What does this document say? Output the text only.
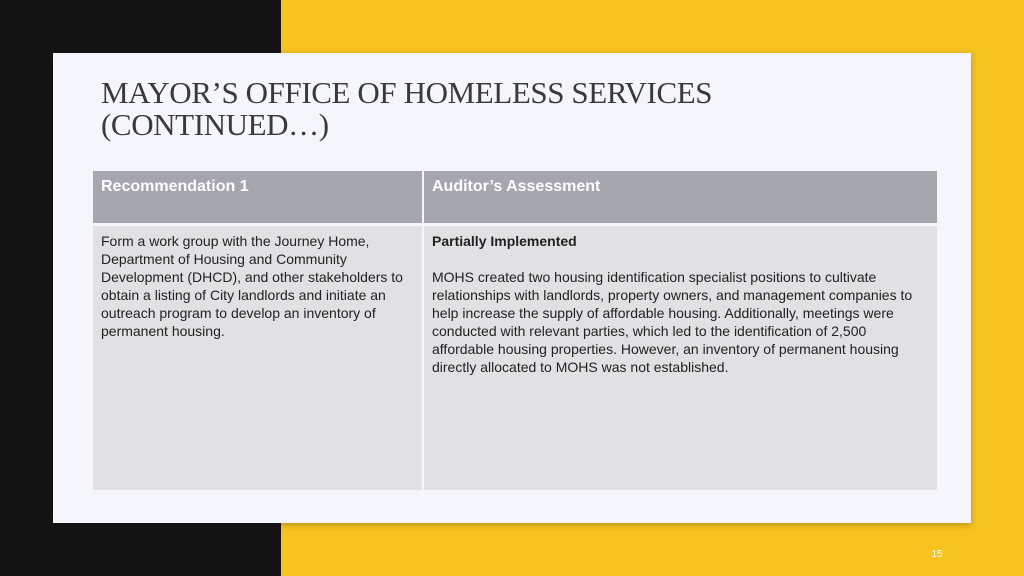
MAYOR’S OFFICE OF HOMELESS SERVICES (CONTINUED…)
Recommendation 1	Auditor’s Assessment
Form a work group with the Journey Home, Department of Housing and Community Development (DHCD), and other stakeholders to obtain a listing of City landlords and initiate an outreach program to develop an inventory of permanent housing.
Partially Implemented
MOHS created two housing identification specialist positions to cultivate relationships with landlords, property owners, and management companies to help increase the supply of affordable housing. Additionally, meetings were conducted with relevant parties, which led to the identification of 2,500 affordable housing properties. However, an inventory of permanent housing directly allocated to MOHS was not established.
15
